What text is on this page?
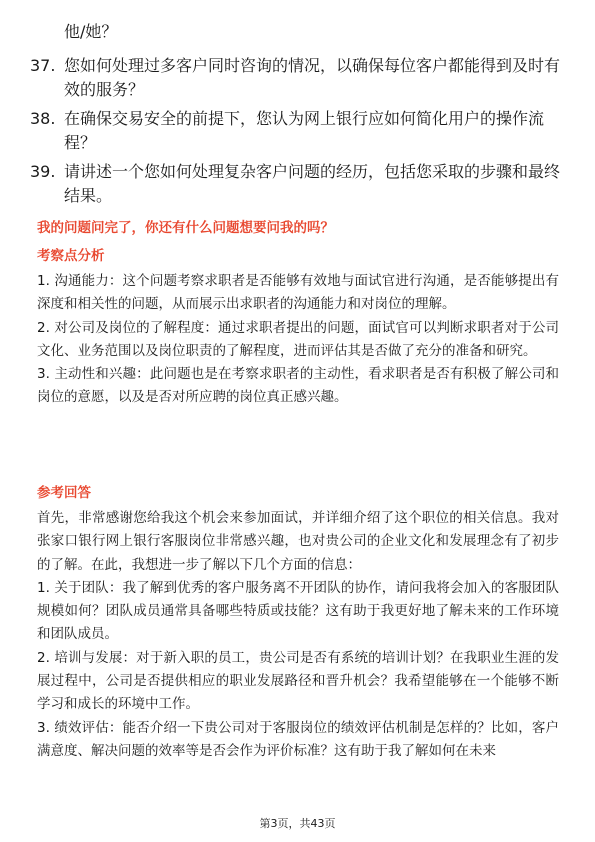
他/她？
37. 您如何处理过多客户同时咨询的情况，以确保每位客户都能得到及时有效的服务？
38. 在确保交易安全的前提下，您认为网上银行应如何简化用户的操作流程？
39. 请讲述一个您如何处理复杂客户问题的经历，包括您采取的步骤和最终结果。
我的问题问完了，你还有什么问题想要问我的吗？
考察点分析

1. 沟通能力：这个问题考察求职者是否能够有效地与面试官进行沟通，是否能够提出有深度和相关性的问题，从而展示出求职者的沟通能力和对岗位的理解。

2. 对公司及岗位的了解程度：通过求职者提出的问题，面试官可以判断求职者对于公司文化、业务范围以及岗位职责的了解程度，进而评估其是否做了充分的准备和研究。

3. 主动性和兴趣：此问题也是在考察求职者的主动性，看求职者是否有积极了解公司和岗位的意愿，以及是否对所应聘的岗位真正感兴趣。

参考回答

首先，非常感谢您给我这个机会来参加面试，并详细介绍了这个职位的相关信息。我对张家口银行网上银行客服岗位非常感兴趣，也对贵公司的企业文化和发展理念有了初步的了解。在此，我想进一步了解以下几个方面的信息：

1. 关于团队：我了解到优秀的客户服务离不开团队的协作，请问我将会加入的客服团队规模如何？团队成员通常具备哪些特质或技能？这有助于我更好地了解未来的工作环境和团队成员。

2. 培训与发展：对于新入职的员工，贵公司是否有系统的培训计划？在我职业生涯的发展过程中，公司是否提供相应的职业发展路径和晋升机会？我希望能够在一个能够不断学习和成长的环境中工作。

3. 绩效评估：能否介绍一下贵公司对于客服岗位的绩效评估机制是怎样的？比如，客户满意度、解决问题的效率等是否会作为评价标准？这有助于我了解如何在未来

第3页，共43页
